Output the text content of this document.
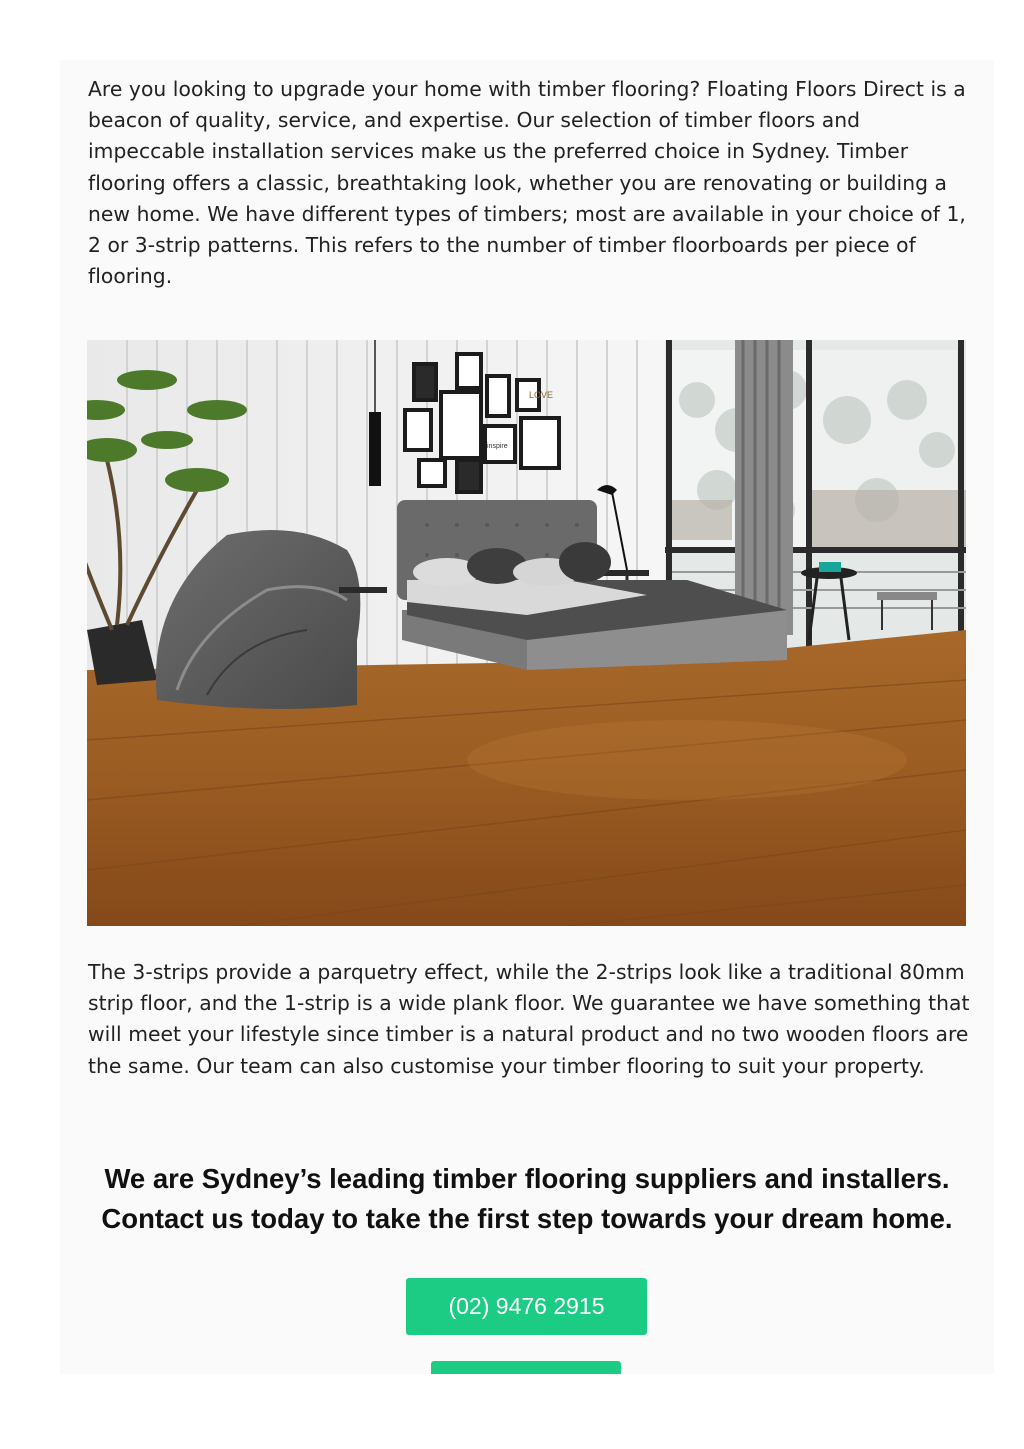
Are you looking to upgrade your home with timber flooring? Floating Floors Direct is a beacon of quality, service, and expertise. Our selection of timber floors and impeccable installation services make us the preferred choice in Sydney. Timber flooring offers a classic, breathtaking look, whether you are renovating or building a new home. We have different types of timbers; most are available in your choice of 1, 2 or 3-strip patterns. This refers to the number of timber floorboards per piece of flooring.

LOVE
inspire

The 3-strips provide a parquetry effect, while the 2-strips look like a traditional 80mm strip floor, and the 1-strip is a wide plank floor. We guarantee we have something that will meet your lifestyle since timber is a natural product and no two wooden floors are the same. Our team can also customise your timber flooring to suit your property.

We are Sydney’s leading timber flooring suppliers and installers.
Contact us today to take the first step towards your dream home.
(02) 9476 2915
